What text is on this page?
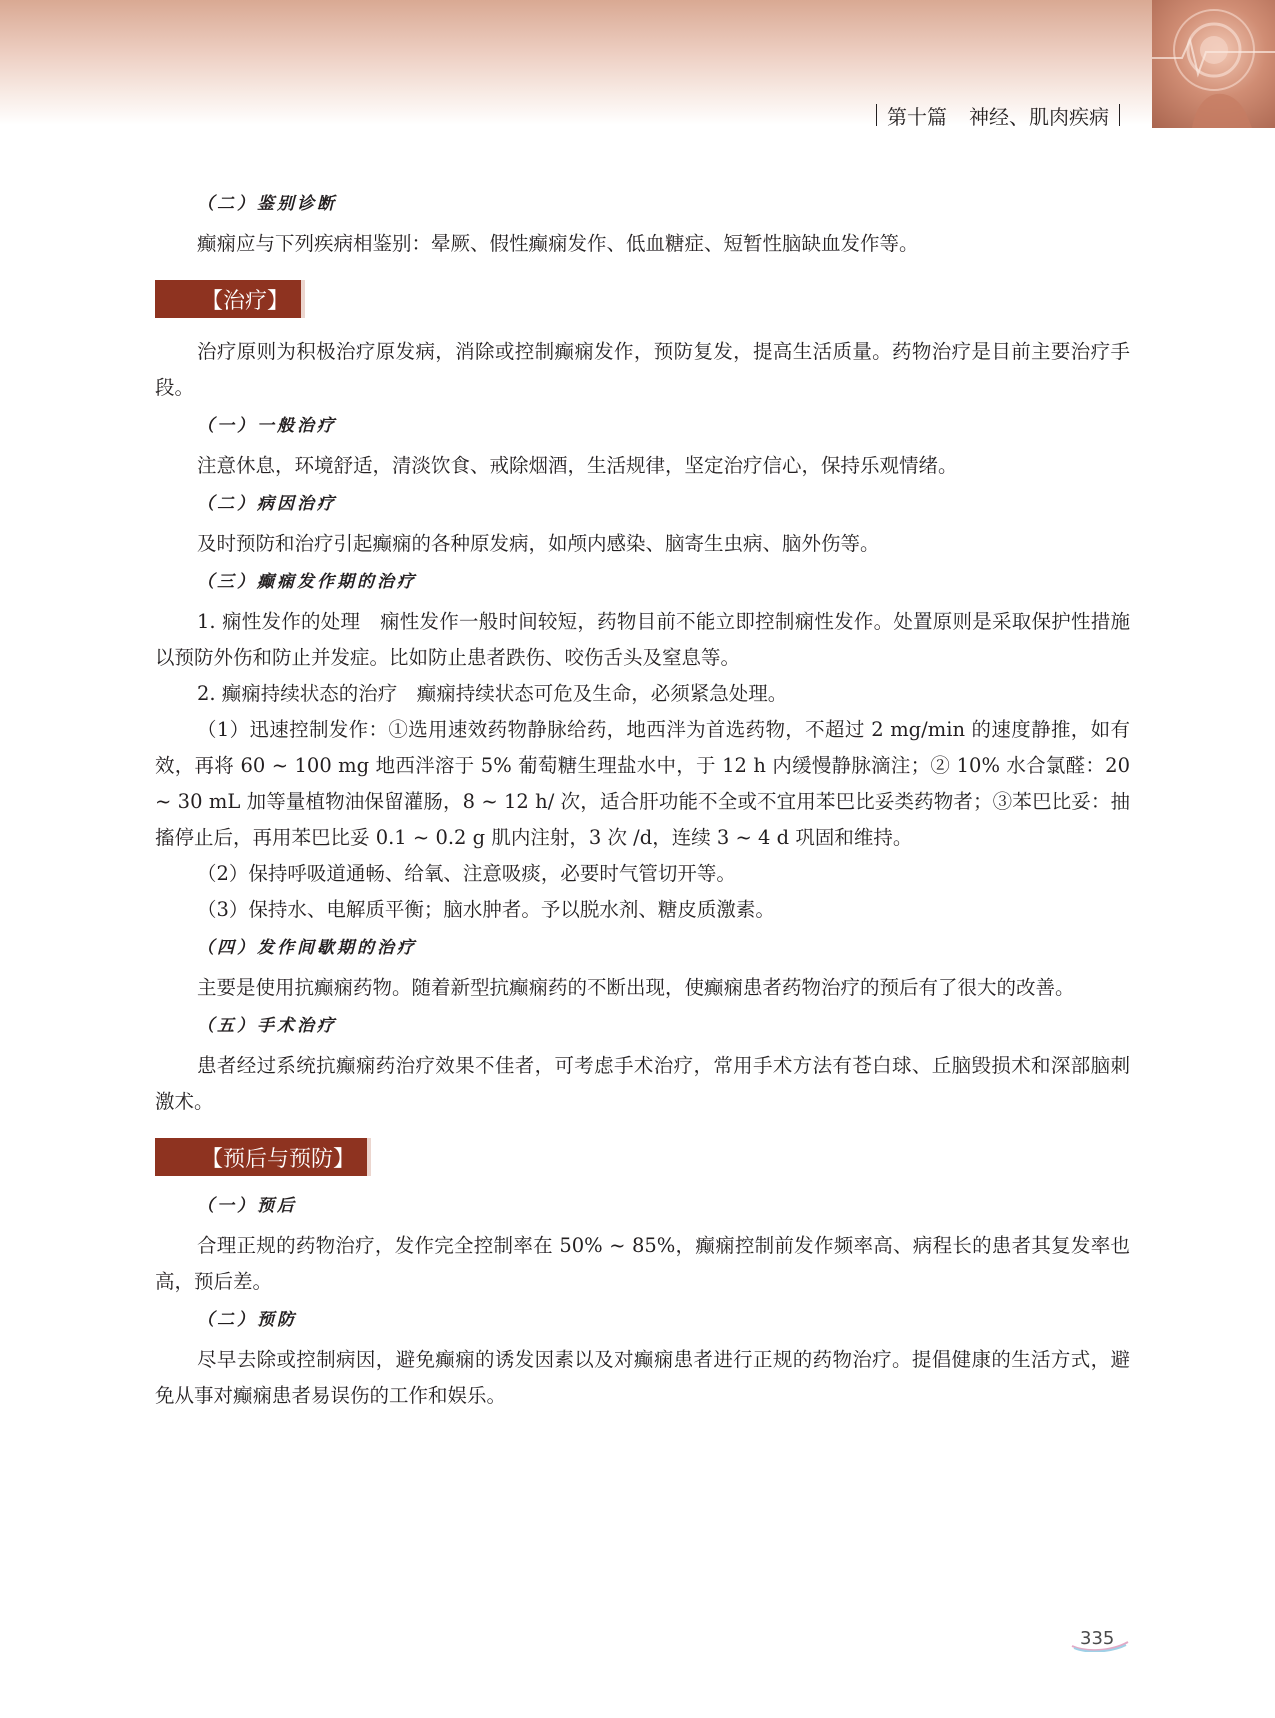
第十篇 神经、肌肉疾病
（二）鉴别诊断

癫痫应与下列疾病相鉴别：晕厥、假性癫痫发作、低血糖症、短暂性脑缺血发作等。

【治疗】

治疗原则为积极治疗原发病，消除或控制癫痫发作，预防复发，提高生活质量。药物治疗是目前主要治疗手段。

（一）一般治疗

注意休息，环境舒适，清淡饮食、戒除烟酒，生活规律，坚定治疗信心，保持乐观情绪。

（二）病因治疗

及时预防和治疗引起癫痫的各种原发病，如颅内感染、脑寄生虫病、脑外伤等。

（三）癫痫发作期的治疗

1. 痫性发作的处理　痫性发作一般时间较短，药物目前不能立即控制痫性发作。处置原则是采取保护性措施以预防外伤和防止并发症。比如防止患者跌伤、咬伤舌头及窒息等。

2. 癫痫持续状态的治疗　癫痫持续状态可危及生命，必须紧急处理。

（1）迅速控制发作：①选用速效药物静脉给药，地西泮为首选药物，不超过 2 mg/min 的速度静推，如有效，再将 60 ~ 100 mg 地西泮溶于 5% 葡萄糖生理盐水中，于 12 h 内缓慢静脉滴注；② 10% 水合氯醛：20 ~ 30 mL 加等量植物油保留灌肠，8 ~ 12 h/ 次，适合肝功能不全或不宜用苯巴比妥类药物者；③苯巴比妥：抽搐停止后，再用苯巴比妥 0.1 ~ 0.2 g 肌内注射，3 次 /d，连续 3 ~ 4 d 巩固和维持。

（2）保持呼吸道通畅、给氧、注意吸痰，必要时气管切开等。

（3）保持水、电解质平衡；脑水肿者。予以脱水剂、糖皮质激素。

（四）发作间歇期的治疗

主要是使用抗癫痫药物。随着新型抗癫痫药的不断出现，使癫痫患者药物治疗的预后有了很大的改善。

（五）手术治疗

患者经过系统抗癫痫药治疗效果不佳者，可考虑手术治疗，常用手术方法有苍白球、丘脑毁损术和深部脑刺激术。

【预后与预防】
（一）预后

合理正规的药物治疗，发作完全控制率在 50% ~ 85%，癫痫控制前发作频率高、病程长的患者其复发率也高，预后差。

（二）预防

尽早去除或控制病因，避免癫痫的诱发因素以及对癫痫患者进行正规的药物治疗。提倡健康的生活方式，避免从事对癫痫患者易误伤的工作和娱乐。

335
